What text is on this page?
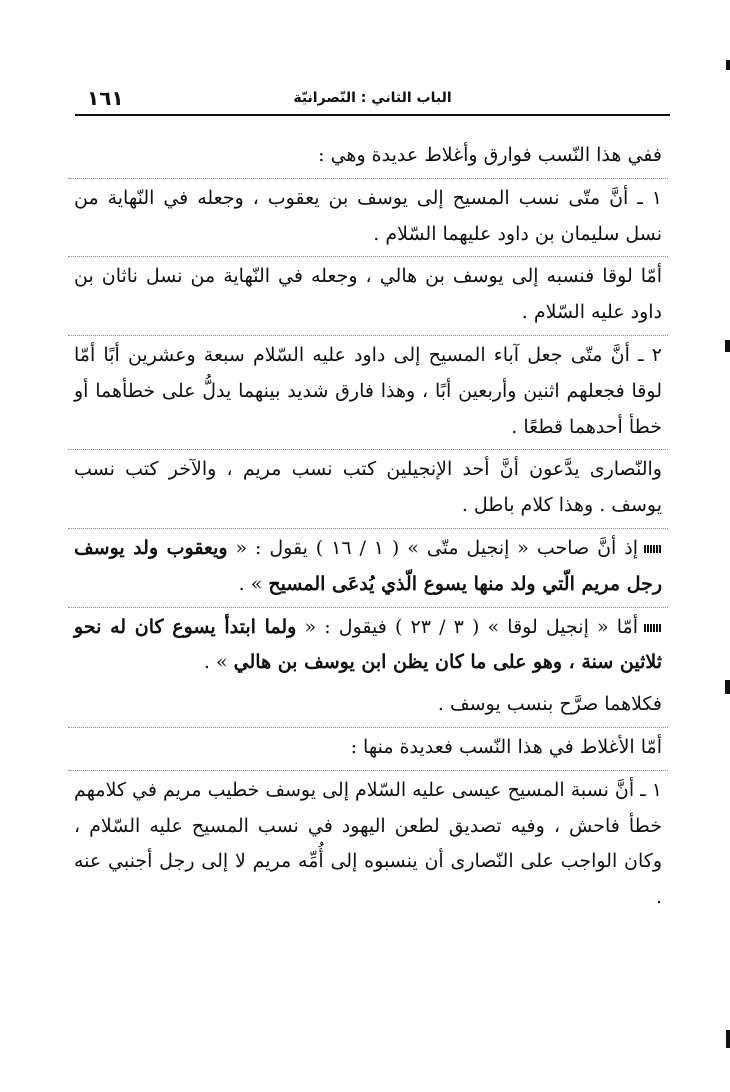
١٦١	الباب الثاني : النّصرانيّة

ففي هذا النّسب فوارق وأغلاط عديدة وهي :

١ ـ أنَّ متّى نسب المسيح إلى يوسف بن يعقوب ، وجعله في النّهاية من نسل سليمان بن داود عليهما السّلام .

أمّا لوقا فنسبه إلى يوسف بن هالي ، وجعله في النّهاية من نسل ناثان بن داود عليه السّلام .

٢ ـ أنَّ متّى جعل آباء المسيح إلى داود عليه السّلام سبعة وعشرين أبًا أمّا لوقا فجعلهم اثنين وأربعين أبًا ، وهذا فارق شديد بينهما يدلُّ على خطأهما أو خطأ أحدهما قطعًا .

والنّصارى يدَّعون أنَّ أحد الإنجيلين كتب نسب مريم ، والآخر كتب نسب يوسف . وهذا كلام باطل .

إذ أنَّ صاحب « إنجيل متّى » ( ١ / ١٦ ) يقول : « ويعقوب ولد يوسف رجل مريم الّتي ولد منها يسوع الّذي يُدعَى المسيح » .

أمّا « إنجيل لوقا » ( ٣ / ٢٣ ) فيقول : « ولما ابتدأ يسوع كان له نحو ثلاثين سنة ، وهو على ما كان يظن ابن يوسف بن هالي » .

فكلاهما صرَّح بنسب يوسف .

أمّا الأغلاط في هذا النّسب فعديدة منها :

١ ـ أنَّ نسبة المسيح عيسى عليه السّلام إلى يوسف خطيب مريم في كلامهم خطأ فاحش ، وفيه تصديق لطعن اليهود في نسب المسيح عليه السّلام ، وكان الواجب على النّصارى أن ينسبوه إلى أُمِّه مريم لا إلى رجل أجنبي عنه .
